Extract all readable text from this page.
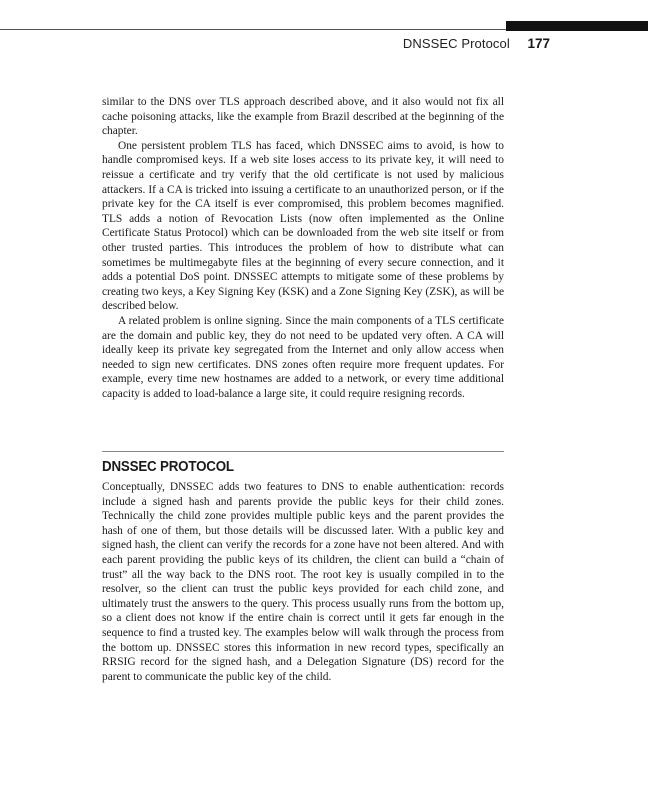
DNSSEC Protocol 177

similar to the DNS over TLS approach described above, and it also would not fix all cache poisoning attacks, like the example from Brazil described at the beginning of the chapter.

One persistent problem TLS has faced, which DNSSEC aims to avoid, is how to handle compromised keys. If a web site loses access to its private key, it will need to reissue a certificate and try verify that the old certificate is not used by malicious attackers. If a CA is tricked into issuing a certificate to an unauthorized person, or if the private key for the CA itself is ever compromised, this problem becomes magnified. TLS adds a notion of Revocation Lists (now often implemented as the Online Certificate Status Protocol) which can be downloaded from the web site itself or from other trusted parties. This introduces the problem of how to distribute what can sometimes be multimegabyte files at the beginning of every secure connection, and it adds a potential DoS point. DNSSEC attempts to mitigate some of these problems by creating two keys, a Key Signing Key (KSK) and a Zone Signing Key (ZSK), as will be described below.

A related problem is online signing. Since the main components of a TLS certificate are the domain and public key, they do not need to be updated very often. A CA will ideally keep its private key segregated from the Internet and only allow access when needed to sign new certificates. DNS zones often require more frequent updates. For example, every time new hostnames are added to a network, or every time additional capacity is added to load-balance a large site, it could require resigning records.

DNSSEC PROTOCOL

Conceptually, DNSSEC adds two features to DNS to enable authentication: records include a signed hash and parents provide the public keys for their child zones. Technically the child zone provides multiple public keys and the parent provides the hash of one of them, but those details will be discussed later. With a public key and signed hash, the client can verify the records for a zone have not been altered. And with each parent providing the public keys of its children, the client can build a “chain of trust” all the way back to the DNS root. The root key is usually compiled in to the resolver, so the client can trust the public keys provided for each child zone, and ultimately trust the answers to the query. This process usually runs from the bottom up, so a client does not know if the entire chain is correct until it gets far enough in the sequence to find a trusted key. The examples below will walk through the process from the bottom up. DNSSEC stores this information in new record types, specifically an RRSIG record for the signed hash, and a Delegation Signature (DS) record for the parent to communicate the public key of the child.
